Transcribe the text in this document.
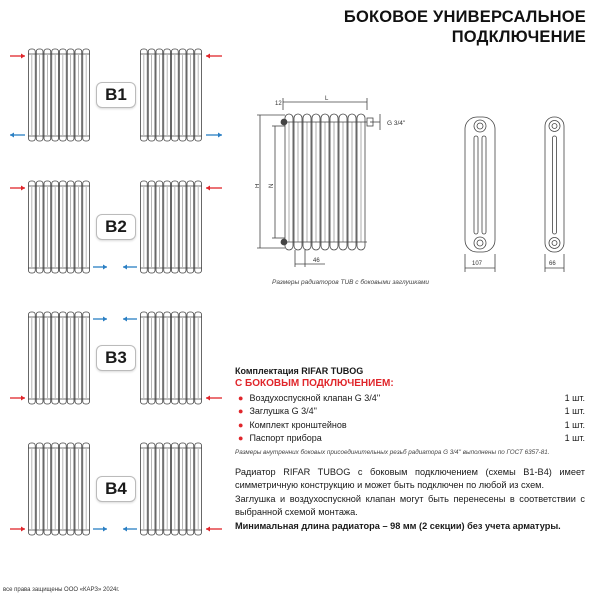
БОКОВОЕ УНИВЕРСАЛЬНОЕ
ПОДКЛЮЧЕНИЕ
B1
B2
B3
B4
12
L
G 3/4''
H N
46	107	66
Размеры радиаторов TUB с боковыми заглушками
Комплектация RIFAR TUBOG
С БОКОВЫМ ПОДКЛЮЧЕНИЕМ:
● Воздухоспускной клапан G 3/4''	1 шт.
● Заглушка G 3/4''	1 шт.
● Комплект кронштейнов	1 шт.
● Паспорт прибора	1 шт.
Размеры внутренних боковых присоединительных резьб радиатора G 3/4'' выполнены по ГОСТ 6357-81.
Радиатор RIFAR TUBOG с боковым подключением (схемы B1-B4) имеет симметричную конструкцию и может быть подключен по любой из схем.
Заглушка и воздухоспускной клапан могут быть перенесены в соответствии с выбранной схемой монтажа.
Минимальная длина радиатора – 98 мм (2 секции) без учета арматуры.
все права защищены ООО «КАРЗ» 2024г.
